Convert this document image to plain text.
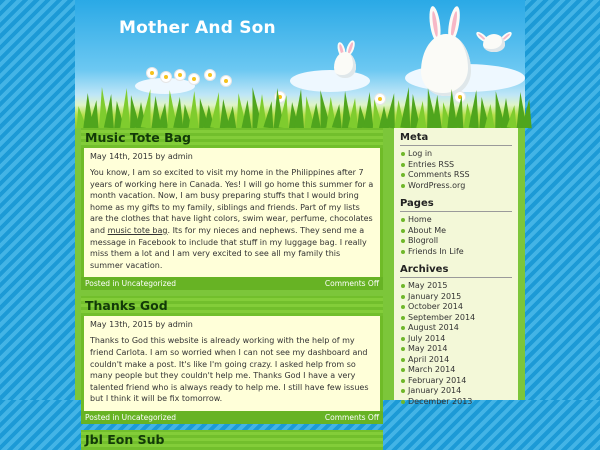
Mother And Son
Music Tote Bag
May 14th, 2015 by admin
You know, I am so excited to visit my home in the Philippines after 7 years of working here in Canada. Yes! I will go home this summer for a month vacation. Now, I am busy preparing stuffs that I would bring home as my gifts to my family, siblings and friends. Part of my lists are the clothes that have light colors, swim wear, perfume, chocolates and music tote bag. Its for my nieces and nephews. They send me a message in Facebook to include that stuff in my luggage bag. I really miss them a lot and I am very excited to see all my family this summer vacation.
Posted in Uncategorized	Comments Off
Thanks God
May 13th, 2015 by admin
Thanks to God this website is already working with the help of my friend Carlota. I am so worried when I can not see my dashboard and couldn't make a post. It's like I'm going crazy. I asked help from so many people but they couldn't help me. Thanks God I have a very talented friend who is always ready to help me. I still have few issues but I think it will be fix tomorrow.
Posted in Uncategorized	Comments Off
Jbl Eon Sub
Meta
Log in
Entries RSS
Comments RSS
WordPress.org
Pages
Home
About Me
Blogroll
Friends In Life
Archives
May 2015
January 2015
October 2014
September 2014
August 2014
July 2014
May 2014
April 2014
March 2014
February 2014
January 2014
December 2013
